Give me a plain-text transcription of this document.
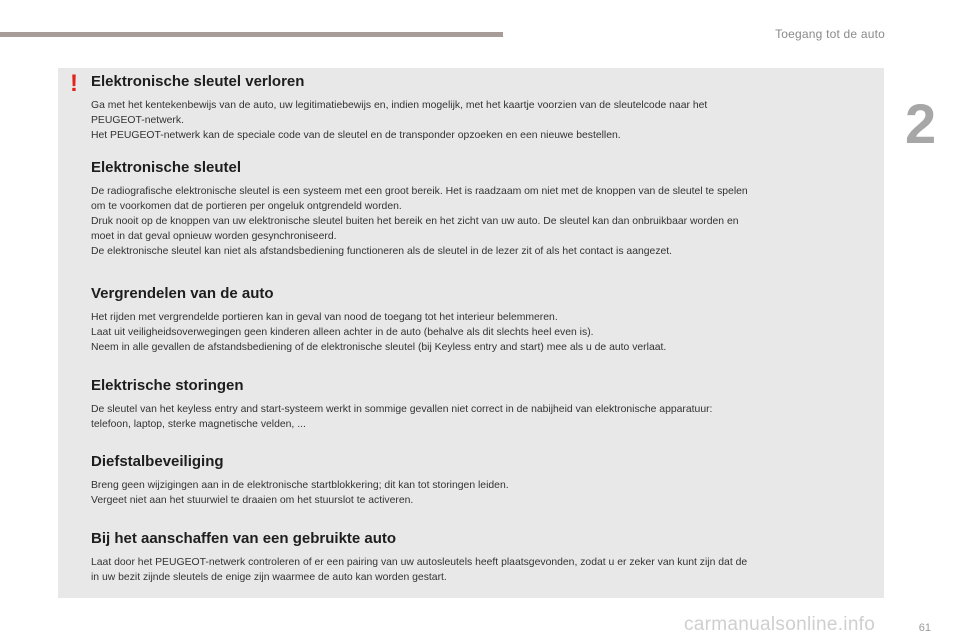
Toegang tot de auto
2
! Elektronische sleutel verloren

Ga met het kentekenbewijs van de auto, uw legitimatiebewijs en, indien mogelijk, met het kaartje voorzien van de sleutelcode naar het

PEUGEOT-netwerk.

Het PEUGEOT-netwerk kan de speciale code van de sleutel en de transponder opzoeken en een nieuwe bestellen.

Elektronische sleutel

De radiografische elektronische sleutel is een systeem met een groot bereik. Het is raadzaam om niet met de knoppen van de sleutel te spelen

om te voorkomen dat de portieren per ongeluk ontgrendeld worden.

Druk nooit op de knoppen van uw elektronische sleutel buiten het bereik en het zicht van uw auto. De sleutel kan dan onbruikbaar worden en

moet in dat geval opnieuw worden gesynchroniseerd.

De elektronische sleutel kan niet als afstandsbediening functioneren als de sleutel in de lezer zit of als het contact is aangezet.

Vergrendelen van de auto

Het rijden met vergrendelde portieren kan in geval van nood de toegang tot het interieur belemmeren.

Laat uit veiligheidsoverwegingen geen kinderen alleen achter in de auto (behalve als dit slechts heel even is).

Neem in alle gevallen de afstandsbediening of de elektronische sleutel (bij Keyless entry and start) mee als u de auto verlaat.

Elektrische storingen

De sleutel van het keyless entry and start-systeem werkt in sommige gevallen niet correct in de nabijheid van elektronische apparatuur:

telefoon, laptop, sterke magnetische velden, ...

Diefstalbeveiliging

Breng geen wijzigingen aan in de elektronische startblokkering; dit kan tot storingen leiden.

Vergeet niet aan het stuurwiel te draaien om het stuurslot te activeren.

Bij het aanschaffen van een gebruikte auto

Laat door het PEUGEOT-netwerk controleren of er een pairing van uw autosleutels heeft plaatsgevonden, zodat u er zeker van kunt zijn dat de

in uw bezit zijnde sleutels de enige zijn waarmee de auto kan worden gestart.

carmanualsonline.info	61
